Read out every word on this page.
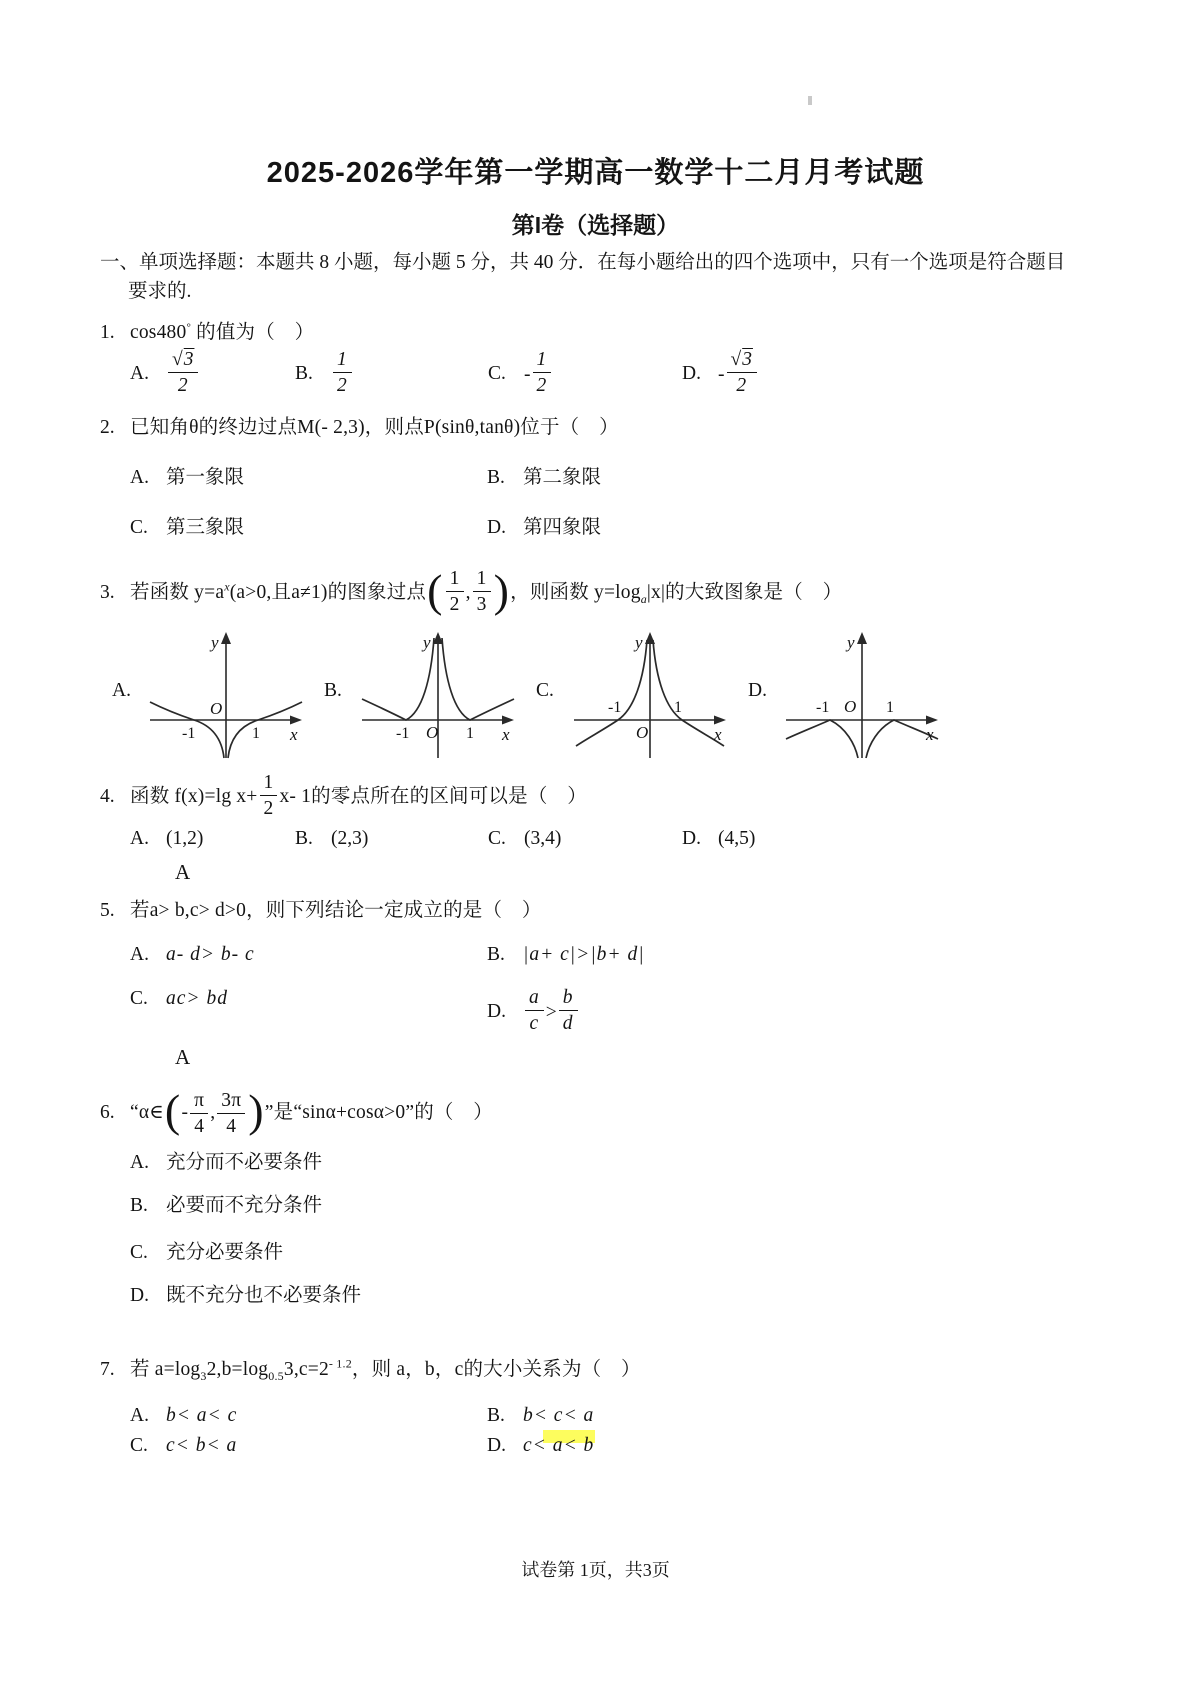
2025-2026学年第一学期高一数学十二月月考试题
第I卷（选择题）

一、单项选择题：本题共 8 小题，每小题 5 分，共 40 分．在每小题给出的四个选项中，只有一个选项是符合题目要求的.

1. cos480° 的值为（　）
A. $\frac{√3}{2}$	B. $\frac{1}{2}$	C. - $\frac{1}{2}$	D. - $\frac{√3}{2}$
2. 已知角θ的终边过点M(- 2,3)，则点P(sinθ,tanθ)位于（　）
A. 第一象限	B. 第二象限
C. 第三象限	D. 第四象限
3. 若函数 $y=a^x(a>0$,且a≠1)的图象过点( $\frac{1}{2}$ , $\frac{1}{3}$ )，则函数 $y=\log_a|x|$的大致图象是（　）
A.
y
x
O
-1	1
B.
y
x
O
-1	1
C.
y
x
O
-1	1
D.
y
x
O
-1	1
4. 函数 f(x)=lg $x+ \frac{1}{2} x-$ 1的零点所在的区间可以是（　）
A. (1,2)	B. (2,3)	C. (3,4)	D. (4,5)
A
5. 若a> b,c> d>0，则下列结论一定成立的是（　）
A. a- d> b- c	B. |a+ c|>|b+ d|
C. ac> bd
D. $\frac{a}{c} > \frac{b}{d}$
A
6. “α∈(- $\frac{\pi}{4}$ , $\frac{3\pi}{4}$ )”是“sinα+cosα>0”的（　）
A. 充分而不必要条件
B. 必要而不充分条件
C. 充分必要条件
D. 既不充分也不必要条件
7. 若 $a=\log_32,b=\log_{0.5}3,c=2^{- 1.2}$，则 a，b，c的大小关系为（　）
A. b< a< c	B. b< c< a
C. c< b< a	D. c< a< b
试卷第 1页，共3页
